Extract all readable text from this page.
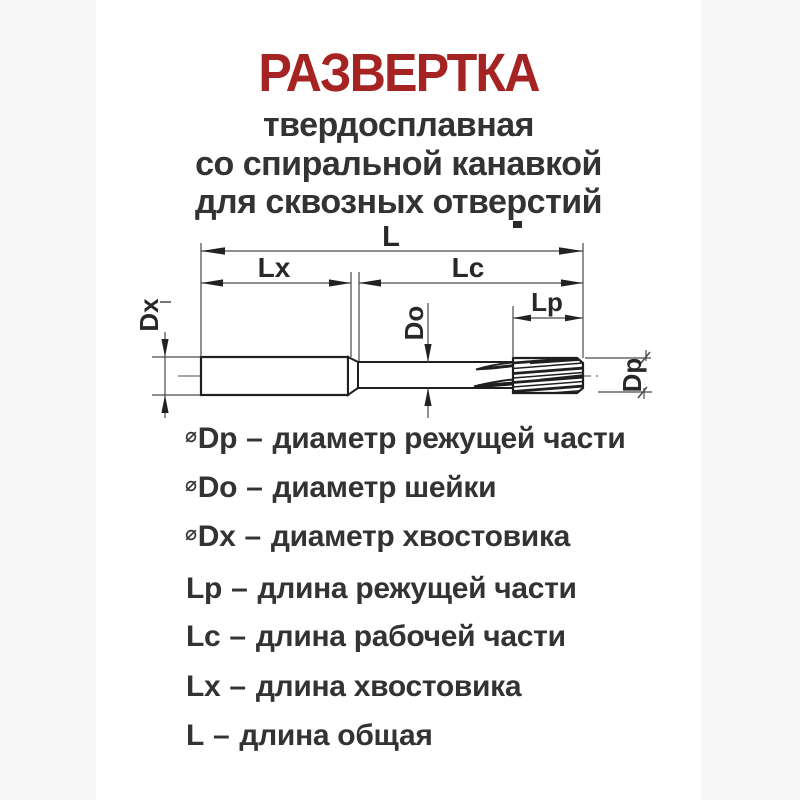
РАЗВЕРТКА
твердосплавная
со спиральной канавкой
для сквозных отверстий
L
Lx	Lc
Lp
Dx	Do
Dp
⌀Dp – диаметр режущей части
⌀Do – диаметр шейки
⌀Dx – диаметр хвостовика
Lp – длина режущей части
Lc – длина рабочей части
Lx – длина хвостовика
L – длина общая
